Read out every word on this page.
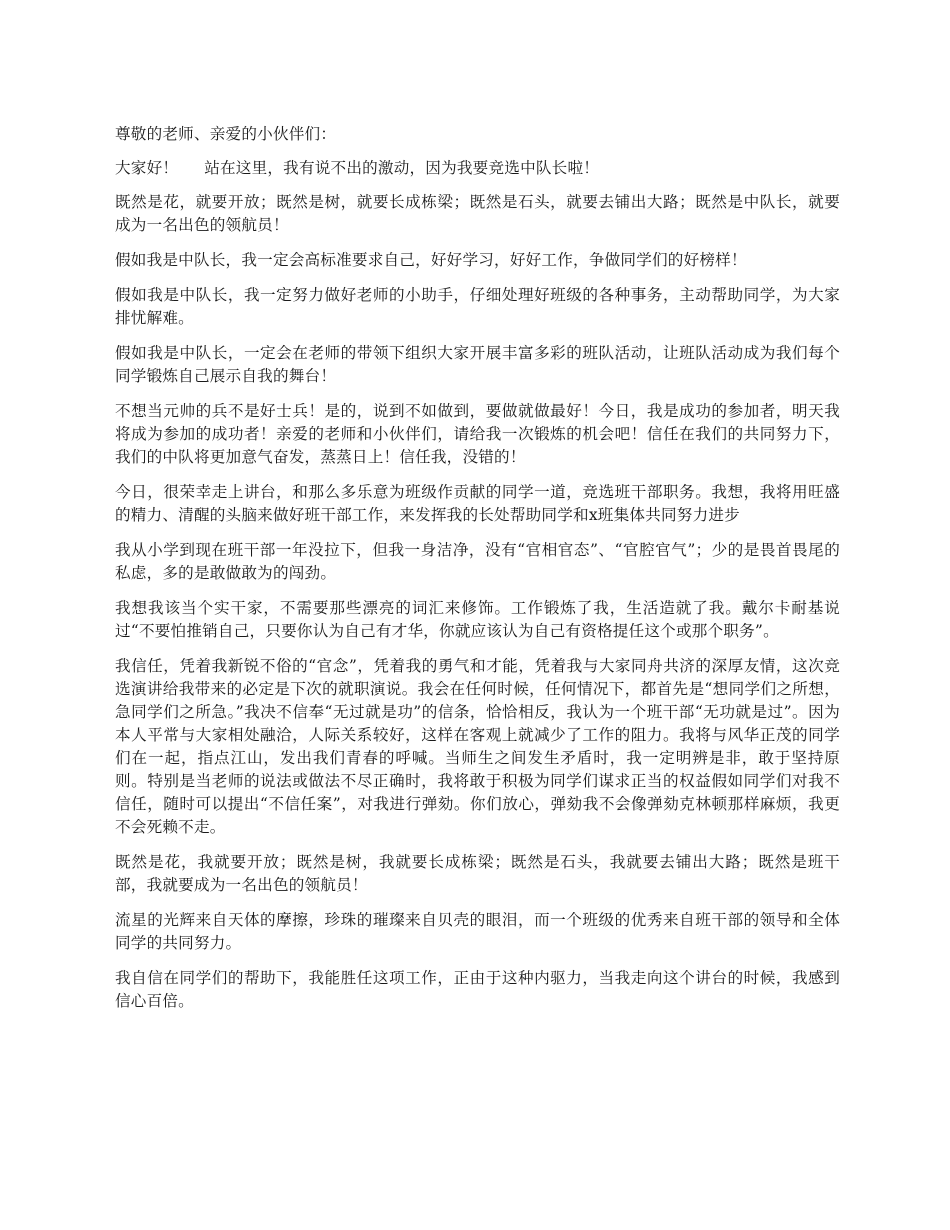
尊敬的老师、亲爱的小伙伴们：

大家好！ 站在这里，我有说不出的激动，因为我要竞选中队长啦！

既然是花，就要开放；既然是树，就要长成栋梁；既然是石头，就要去铺出大路；既然是中队长，就要成为一名出色的领航员！

假如我是中队长，我一定会高标准要求自己，好好学习，好好工作，争做同学们的好榜样！

假如我是中队长，我一定努力做好老师的小助手，仔细处理好班级的各种事务，主动帮助同学，为大家排忧解难。

假如我是中队长，一定会在老师的带领下组织大家开展丰富多彩的班队活动，让班队活动成为我们每个同学锻炼自己展示自我的舞台！

不想当元帅的兵不是好士兵！是的，说到不如做到，要做就做最好！今日，我是成功的参加者，明天我将成为参加的成功者！亲爱的老师和小伙伴们，请给我一次锻炼的机会吧！信任在我们的共同努力下，我们的中队将更加意气奋发，蒸蒸日上！信任我，没错的！

今日，很荣幸走上讲台，和那么多乐意为班级作贡献的同学一道，竞选班干部职务。我想，我将用旺盛的精力、清醒的头脑来做好班干部工作，来发挥我的长处帮助同学和x班集体共同努力进步

我从小学到现在班干部一年没拉下，但我一身洁净，没有“官相官态”、“官腔官气”；少的是畏首畏尾的私虑，多的是敢做敢为的闯劲。

我想我该当个实干家，不需要那些漂亮的词汇来修饰。工作锻炼了我，生活造就了我。戴尔卡耐基说过“不要怕推销自己，只要你认为自己有才华，你就应该认为自己有资格提任这个或那个职务”。

我信任，凭着我新锐不俗的“官念”，凭着我的勇气和才能，凭着我与大家同舟共济的深厚友情，这次竞选演讲给我带来的必定是下次的就职演说。我会在任何时候，任何情况下，都首先是“想同学们之所想，急同学们之所急。”我决不信奉“无过就是功”的信条，恰恰相反，我认为一个班干部“无功就是过”。因为本人平常与大家相处融洽，人际关系较好，这样在客观上就减少了工作的阻力。我将与风华正茂的同学们在一起，指点江山，发出我们青春的呼喊。当师生之间发生矛盾时，我一定明辨是非，敢于坚持原则。特别是当老师的说法或做法不尽正确时，我将敢于积极为同学们谋求正当的权益假如同学们对我不信任，随时可以提出“不信任案”，对我进行弹劾。你们放心，弹劾我不会像弹劾克林顿那样麻烦，我更不会死赖不走。

既然是花，我就要开放；既然是树，我就要长成栋梁；既然是石头，我就要去铺出大路；既然是班干部，我就要成为一名出色的领航员！

流星的光辉来自天体的摩擦，珍珠的璀璨来自贝壳的眼泪，而一个班级的优秀来自班干部的领导和全体同学的共同努力。

我自信在同学们的帮助下，我能胜任这项工作，正由于这种内驱力，当我走向这个讲台的时候，我感到信心百倍。
